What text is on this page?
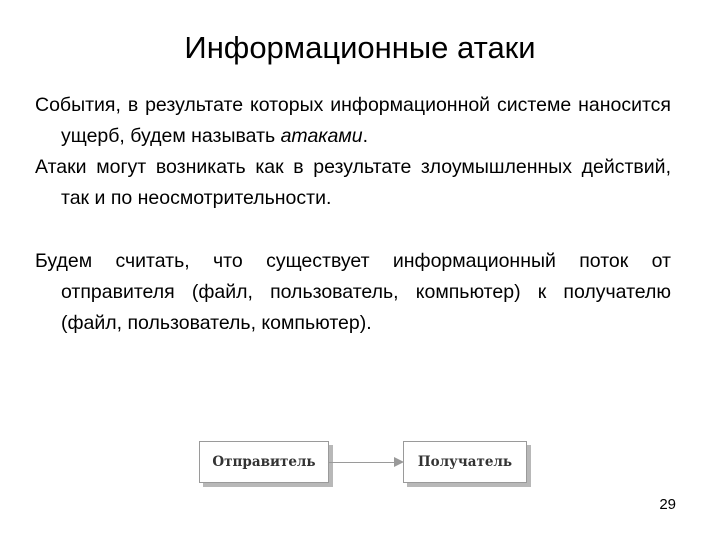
Информационные атаки

События, в результате которых информационной системе наносится ущерб, будем называть атаками.

Атаки могут возникать как в результате злоумышленных действий, так и по неосмотрительности.

Будем считать, что существует информационный поток от отправителя (файл, пользователь, компьютер) к получателю (файл, пользователь, компьютер).

Отправитель	Получатель
29
